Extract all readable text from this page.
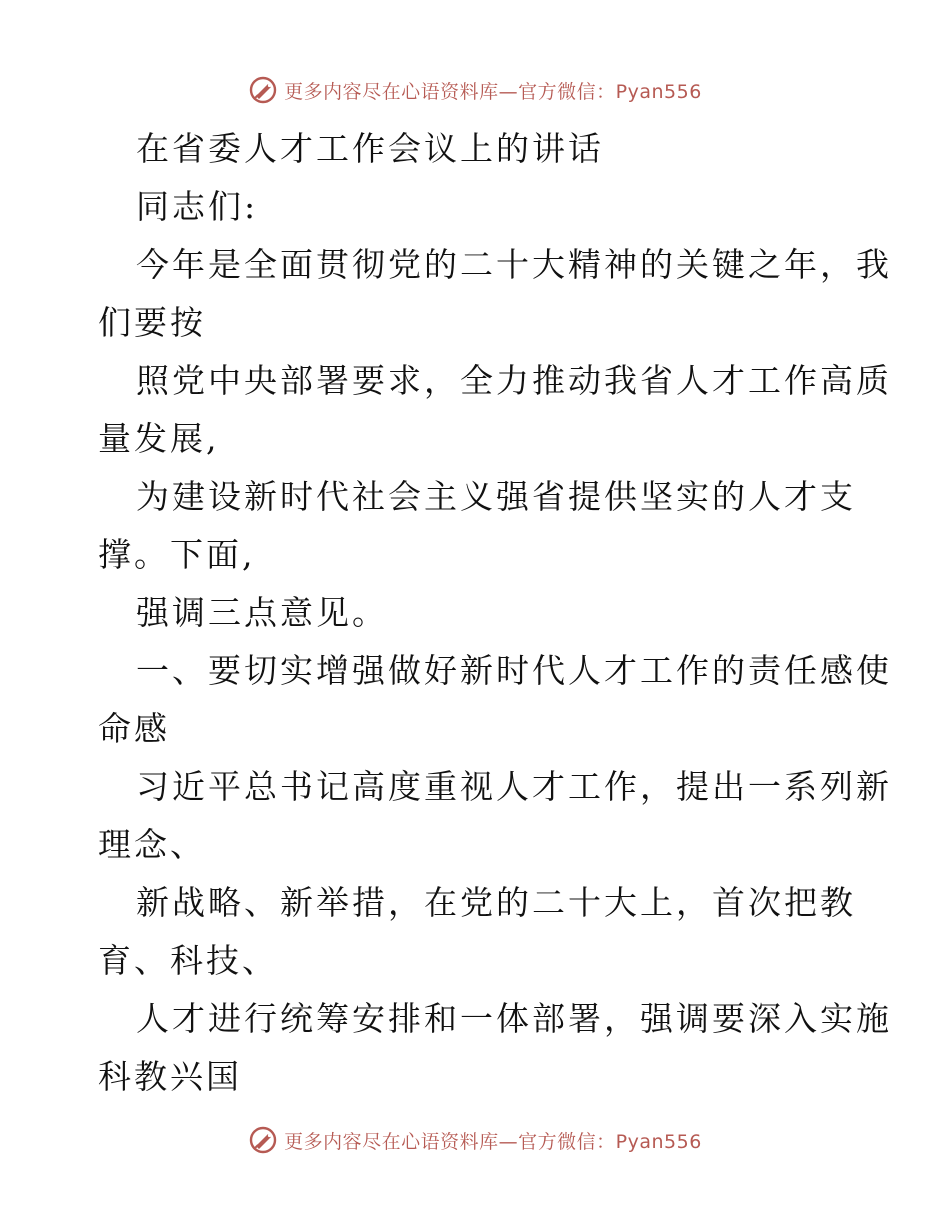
更多内容尽在心语资料库—官方微信：Pyan556
在省委人才工作会议上的讲话
同志们:
今年是全面贯彻党的二十大精神的关键之年，我
们要按
照党中央部署要求，全力推动我省人才工作高质
量发展,
为建设新时代社会主义强省提供坚实的人才支
撑。下面,
强调三点意见。
一、要切实增强做好新时代人才工作的责任感使
命感
习近平总书记高度重视人才工作，提出一系列新
理念、
新战略、新举措，在党的二十大上，首次把教
育、科技、
人才进行统筹安排和一体部署，强调要深入实施
科教兴国
更多内容尽在心语资料库—官方微信：Pyan556
